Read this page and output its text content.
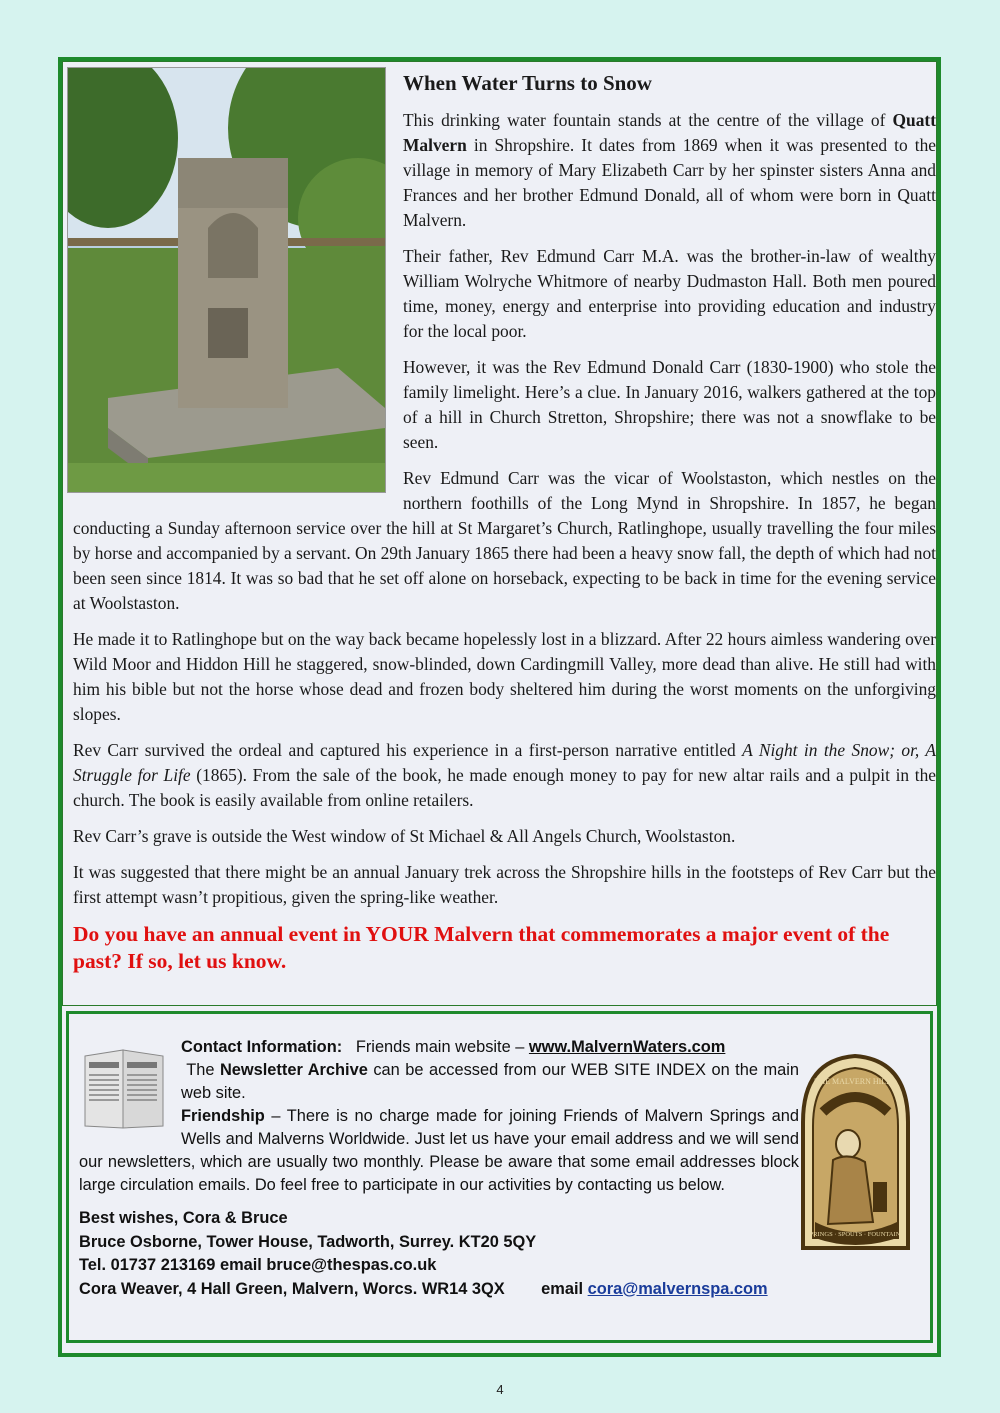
When Water Turns to Snow

This drinking water fountain stands at the centre of the village of Quatt Malvern in Shropshire. It dates from 1869 when it was presented to the village in memory of Mary Elizabeth Carr by her spinster sisters Anna and Frances and her brother Edmund Donald, all of whom were born in Quatt Malvern.

Their father, Rev Edmund Carr M.A. was the brother-in-law of wealthy William Wolryche Whitmore of nearby Dudmaston Hall. Both men poured time, money, energy and enterprise into providing education and industry for the local poor.

However, it was the Rev Edmund Donald Carr (1830-1900) who stole the family limelight. Here’s a clue. In January 2016, walkers gathered at the top of a hill in Church Stretton, Shropshire; there was not a snowflake to be seen.

Rev Edmund Carr was the vicar of Woolstaston, which nestles on the northern foothills of the Long Mynd in Shropshire. In 1857, he began conducting a Sunday afternoon service over the hill at St Margaret’s Church, Ratlinghope, usually travelling the four miles by horse and accompanied by a servant. On 29th January 1865 there had been a heavy snow fall, the depth of which had not been seen since 1814. It was so bad that he set off alone on horseback, expecting to be back in time for the evening service at Woolstaston.

He made it to Ratlinghope but on the way back became hopelessly lost in a blizzard. After 22 hours aimless wandering over Wild Moor and Hiddon Hill he staggered, snow-blinded, down Cardingmill Valley, more dead than alive. He still had with him his bible but not the horse whose dead and frozen body sheltered him during the worst moments on the unforgiving slopes.

Rev Carr survived the ordeal and captured his experience in a first-person narrative entitled A Night in the Snow; or, A Struggle for Life (1865). From the sale of the book, he made enough money to pay for new altar rails and a pulpit in the church. The book is easily available from online retailers.

Rev Carr’s grave is outside the West window of St Michael & All Angels Church, Woolstaston.

It was suggested that there might be an annual January trek across the Shropshire hills in the footsteps of Rev Carr but the first attempt wasn’t propitious, given the spring-like weather.

Do you have an annual event in YOUR Malvern that commemorates a major event of the past? If so, let us know.

Contact Information:   Friends main website – www.MalvernWaters.com

The Newsletter Archive can be accessed from our WEB SITE INDEX on the main web site.

Friendship – There is no charge made for joining Friends of Malvern Springs and Wells and Malverns Worldwide. Just let us have your email address and we will send our newsletters, which are usually two monthly. Please be aware that some email addresses block large circulation emails. Do feel free to participate in our activities by contacting us below.

Best wishes, Cora & Bruce
Bruce Osborne, Tower House, Tadworth, Surrey. KT20 5QY
Tel. 01737 213169 email bruce@thespas.co.uk
Cora Weaver, 4 Hall Green, Malvern, Worcs. WR14 3QX        email cora@malvernspa.com
THE MALVERN HILLS
SPRINGS · SPOUTS · FOUNTAINS
4
